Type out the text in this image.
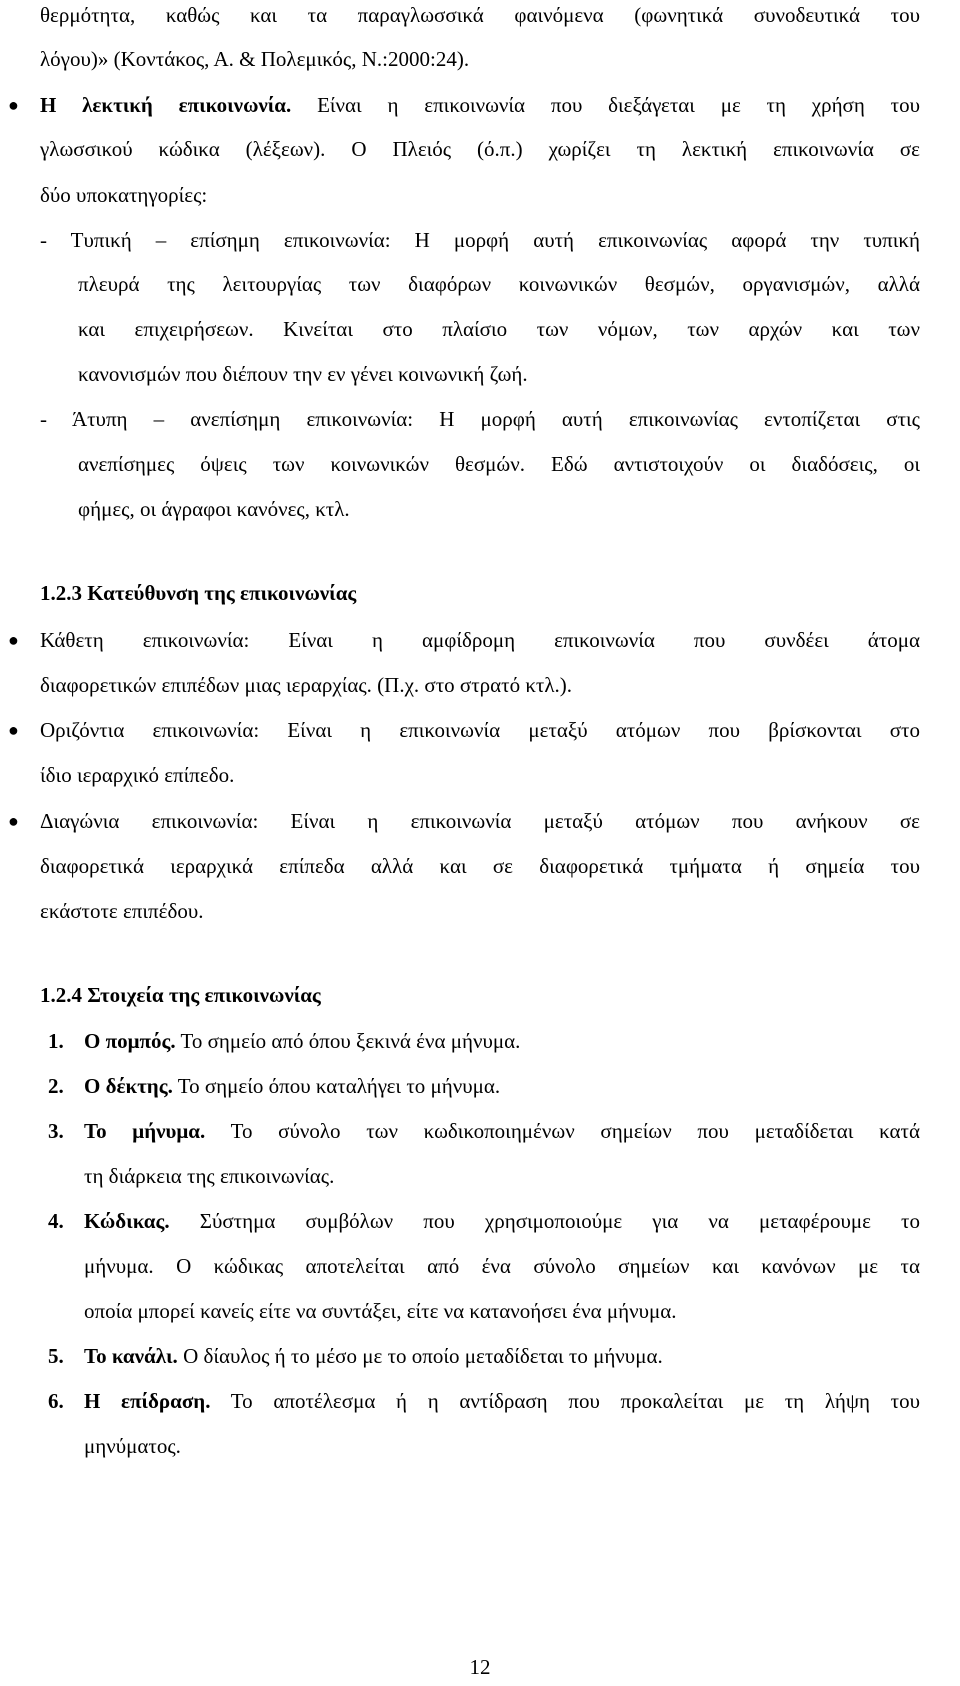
θερμότητα, καθώς και τα παραγλωσσικά φαινόμενα (φωνητικά συνοδευτικά του
λόγου)» (Κοντάκος, Α. & Πολεμικός, Ν.:2000:24).
● Η λεκτική επικοινωνία. Είναι η επικοινωνία που διεξάγεται με τη χρήση του
γλωσσικού κώδικα (λέξεων). Ο Πλειός (ό.π.) χωρίζει τη λεκτική επικοινωνία σε
δύο υποκατηγορίες:
- Τυπική – επίσημη επικοινωνία: Η μορφή αυτή επικοινωνίας αφορά την τυπική
πλευρά της λειτουργίας των διαφόρων κοινωνικών θεσμών, οργανισμών, αλλά
και επιχειρήσεων. Κινείται στο πλαίσιο των νόμων, των αρχών και των
κανονισμών που διέπουν την εν γένει κοινωνική ζωή.
- Άτυπη – ανεπίσημη επικοινωνία: Η μορφή αυτή επικοινωνίας εντοπίζεται στις
ανεπίσημες όψεις των κοινωνικών θεσμών. Εδώ αντιστοιχούν οι διαδόσεις, οι
φήμες, οι άγραφοι κανόνες, κτλ.
1.2.3 Κατεύθυνση της επικοινωνίας
● Κάθετη επικοινωνία: Είναι η αμφίδρομη επικοινωνία που συνδέει άτομα
διαφορετικών επιπέδων μιας ιεραρχίας. (Π.χ. στο στρατό κτλ.).
● Οριζόντια επικοινωνία: Είναι η επικοινωνία μεταξύ ατόμων που βρίσκονται στο
ίδιο ιεραρχικό επίπεδο.
● Διαγώνια επικοινωνία: Είναι η επικοινωνία μεταξύ ατόμων που ανήκουν σε
διαφορετικά ιεραρχικά επίπεδα αλλά και σε διαφορετικά τμήματα ή σημεία του
εκάστοτε επιπέδου.
1.2.4 Στοιχεία της επικοινωνίας
1. Ο πομπός. Το σημείο από όπου ξεκινά ένα μήνυμα.
2. Ο δέκτης. Το σημείο όπου καταλήγει το μήνυμα.
3. Το μήνυμα. Το σύνολο των κωδικοποιημένων σημείων που μεταδίδεται κατά
τη διάρκεια της επικοινωνίας.
4. Κώδικας. Σύστημα συμβόλων που χρησιμοποιούμε για να μεταφέρουμε το
μήνυμα. Ο κώδικας αποτελείται από ένα σύνολο σημείων και κανόνων με τα
οποία μπορεί κανείς είτε να συντάξει, είτε να κατανοήσει ένα μήνυμα.
5. Το κανάλι. Ο δίαυλος ή το μέσο με το οποίο μεταδίδεται το μήνυμα.
6. Η επίδραση. Το αποτέλεσμα ή η αντίδραση που προκαλείται με τη λήψη του
μηνύματος.
12
